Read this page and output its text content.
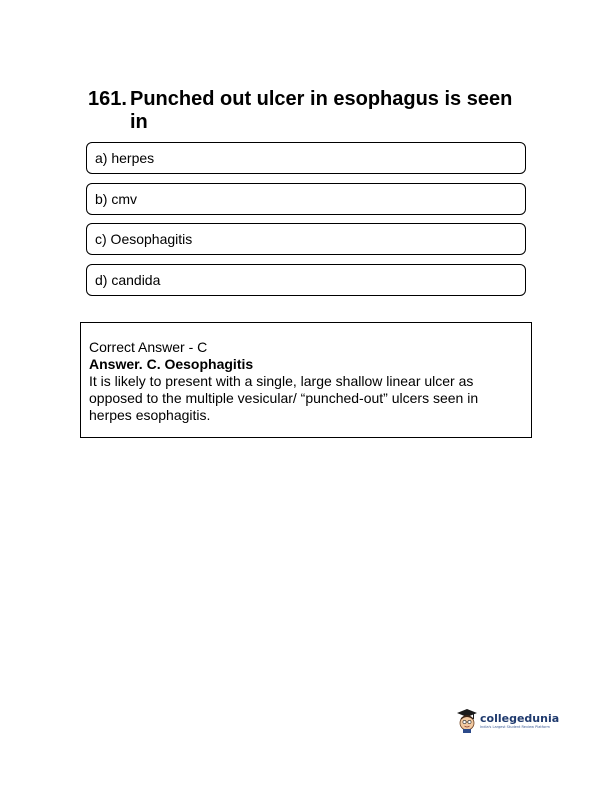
161. Punched out ulcer in esophagus is seen in
a) herpes
b) cmv
c) Oesophagitis
d) candida
Correct Answer - C
Answer. C. Oesophagitis
It is likely to present with a single, large shallow linear ulcer as opposed to the multiple vesicular/ “punched-out” ulcers seen in herpes esophagitis.
collegedunia
India's Largest Student Review Platform
